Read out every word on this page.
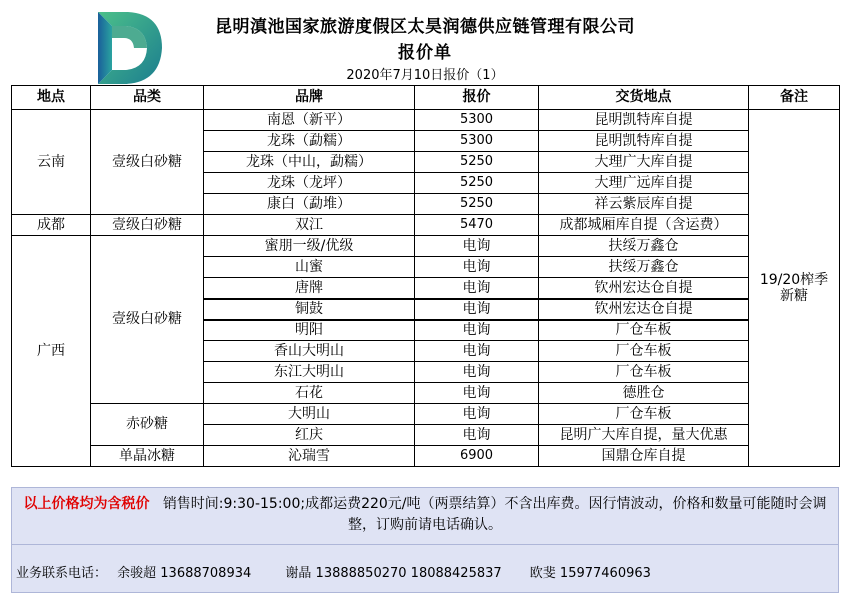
昆明滇池国家旅游度假区太昊润德供应链管理有限公司
报价单
2020年7月10日报价（1）
地点	品类	品牌	报价	交货地点	备注
云南	壹级白砂糖	南恩（新平）	5300	昆明凯特库自提	19/20榨季新糖
		龙珠（勐糯）	5300	昆明凯特库自提	
		龙珠（中山，勐糯）	5250	大理广大库自提	
		龙珠（龙坪）	5250	大理广远库自提	
		康白（勐堆）	5250	祥云紫辰库自提	
成都	壹级白砂糖	双江	5470	成都城厢库自提（含运费）	
广西	壹级白砂糖	蜜朋一级/优级	电询	扶绥万鑫仓	
		山蜜	电询	扶绥万鑫仓	
		唐牌	电询	钦州宏达仓自提	
		铜鼓	电询	钦州宏达仓自提	
		明阳	电询	厂仓车板	
		香山大明山	电询	厂仓车板	
		东江大明山	电询	厂仓车板	
		石花	电询	德胜仓	
	赤砂糖	大明山	电询	厂仓车板	
		红庆	电询	昆明广大库自提，量大优惠	
	单晶冰糖	沁瑞雪	6900	国鼎仓库自提	
以上价格均为含税价 销售时间:9:30-15:00;成都运费220元/吨（两票结算）不含出库费。因行情波动，价格和数量可能随时会调整，订购前请电话确认。
业务联系电话： 余骏超 13688708934	谢晶 13888850270 18088425837 欧斐 15977460963
